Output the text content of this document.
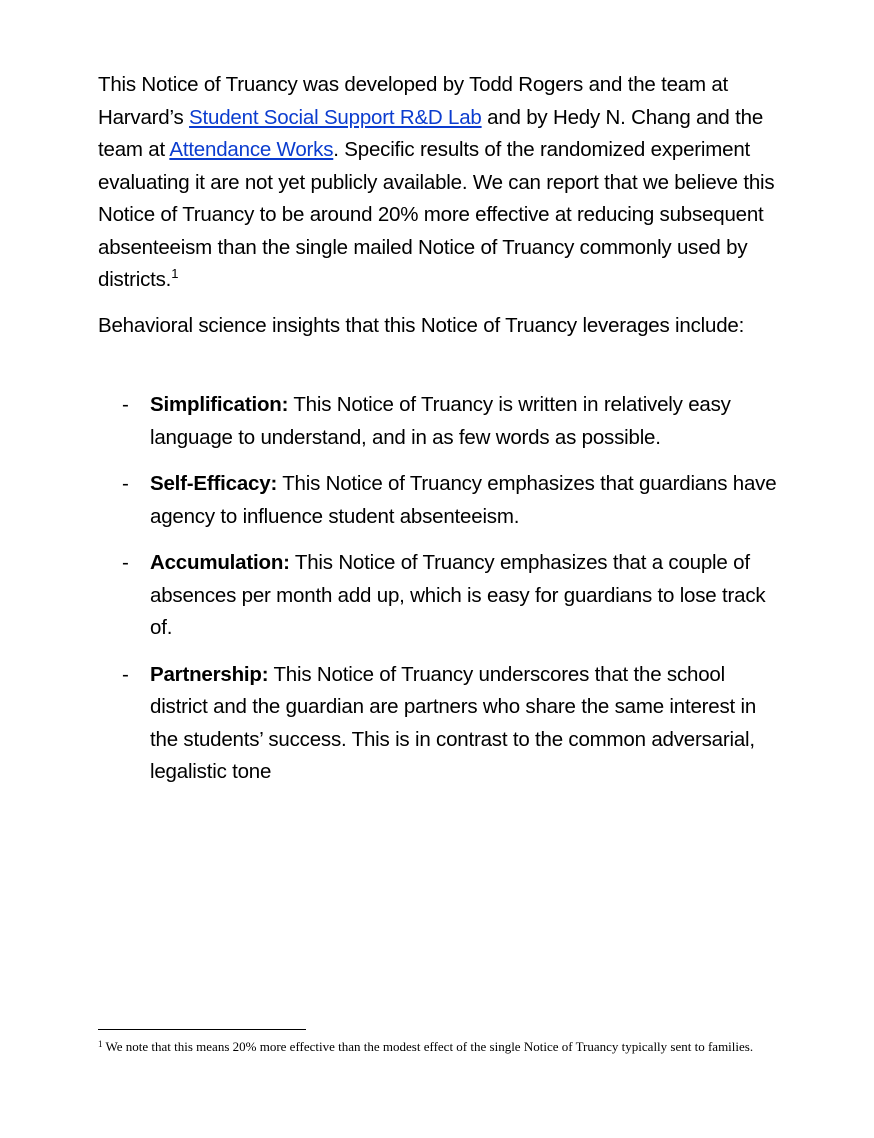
This Notice of Truancy was developed by Todd Rogers and the team at Harvard’s Student Social Support R&D Lab and by Hedy N. Chang and the team at Attendance Works. Specific results of the randomized experiment evaluating it are not yet publicly available. We can report that we believe this Notice of Truancy to be around 20% more effective at reducing subsequent absenteeism than the single mailed Notice of Truancy commonly used by districts.$^1$

Behavioral science insights that this Notice of Truancy leverages include:

- Simplification: This Notice of Truancy is written in relatively easy language to understand, and in as few words as possible.
- Self-Efficacy: This Notice of Truancy emphasizes that guardians have agency to influence student absenteeism.
- Accumulation: This Notice of Truancy emphasizes that a couple of absences per month add up, which is easy for guardians to lose track of.
- Partnership: This Notice of Truancy underscores that the school district and the guardian are partners who share the same interest in the students’ success. This is in contrast to the common adversarial, legalistic tone

$^1$ We note that this means 20% more effective than the modest effect of the single Notice of Truancy typically sent to families.
